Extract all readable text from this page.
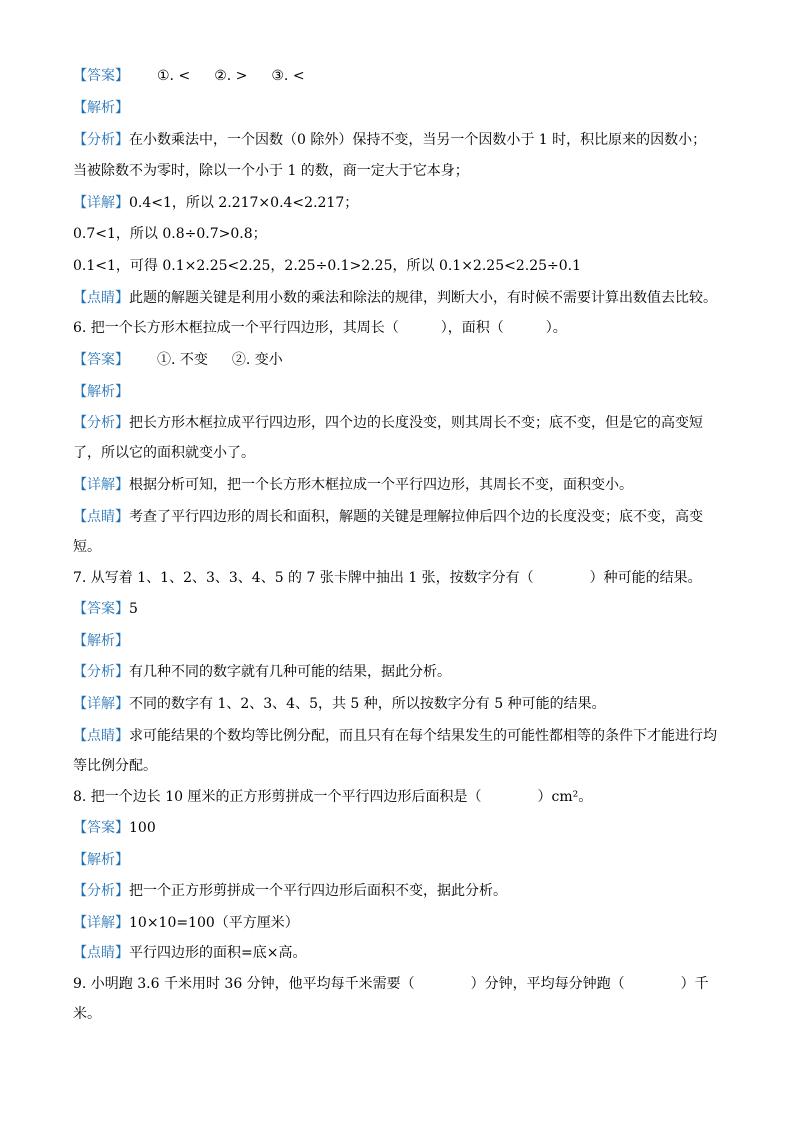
【答案】 ①. < ②. > ③. <
【解析】
【分析】在小数乘法中，一个因数（0 除外）保持不变，当另一个因数小于 1 时，积比原来的因数小；
当被除数不为零时，除以一个小于 1 的数，商一定大于它本身；
【详解】0.4<1，所以 2.217×0.4<2.217；
0.7<1，所以 0.8÷0.7>0.8；
0.1<1，可得 0.1×2.25<2.25，2.25÷0.1>2.25，所以 0.1×2.25<2.25÷0.1
【点睛】此题的解题关键是利用小数的乘法和除法的规律，判断大小，有时候不需要计算出数值去比较。
6. 把一个长方形木框拉成一个平行四边形，其周长（　　　），面积（　　　）。
【答案】 ①. 不变 ②. 变小
【解析】
【分析】把长方形木框拉成平行四边形，四个边的长度没变，则其周长不变；底不变，但是它的高变短
了，所以它的面积就变小了。
【详解】根据分析可知，把一个长方形木框拉成一个平行四边形，其周长不变，面积变小。
【点睛】考查了平行四边形的周长和面积，解题的关键是理解拉伸后四个边的长度没变；底不变，高变
短。
7. 从写着 1、1、2、3、3、4、5 的 7 张卡牌中抽出 1 张，按数字分有（　　　　）种可能的结果。
【答案】5
【解析】
【分析】有几种不同的数字就有几种可能的结果，据此分析。
【详解】不同的数字有 1、2、3、4、5，共 5 种，所以按数字分有 5 种可能的结果。
【点睛】求可能结果的个数均等比例分配，而且只有在每个结果发生的可能性都相等的条件下才能进行均
等比例分配。
8. 把一个边长 10 厘米的正方形剪拼成一个平行四边形后面积是（　　　　）cm²。
【答案】100
【解析】
【分析】把一个正方形剪拼成一个平行四边形后面积不变，据此分析。
【详解】10×10=100（平方厘米）
【点睛】平行四边形的面积=底×高。
9. 小明跑 3.6 千米用时 36 分钟，他平均每千米需要（　　　　）分钟，平均每分钟跑（　　　　）千
米。
